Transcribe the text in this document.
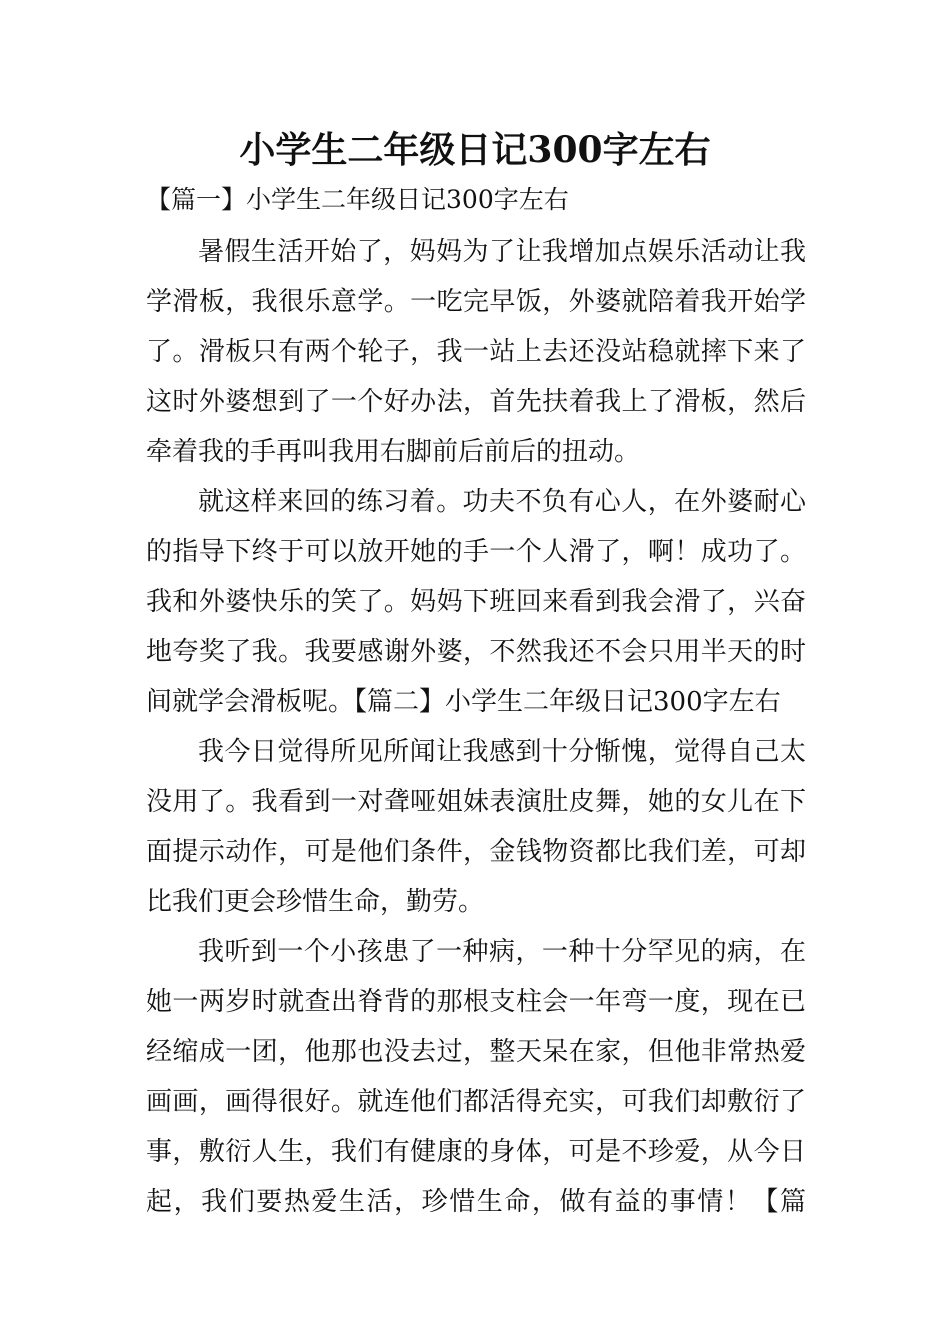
小学生二年级日记300字左右
【篇一】小学生二年级日记300字左右
暑假生活开始了，妈妈为了让我增加点娱乐活动让我
学滑板，我很乐意学。一吃完早饭，外婆就陪着我开始学
了。滑板只有两个轮子，我一站上去还没站稳就摔下来了
这时外婆想到了一个好办法，首先扶着我上了滑板，然后
牵着我的手再叫我用右脚前后前后的扭动。
就这样来回的练习着。功夫不负有心人，在外婆耐心
的指导下终于可以放开她的手一个人滑了，啊！成功了。
我和外婆快乐的笑了。妈妈下班回来看到我会滑了，兴奋
地夸奖了我。我要感谢外婆，不然我还不会只用半天的时
间就学会滑板呢。【篇二】小学生二年级日记300字左右
我今日觉得所见所闻让我感到十分惭愧，觉得自己太
没用了。我看到一对聋哑姐妹表演肚皮舞，她的女儿在下
面提示动作，可是他们条件，金钱物资都比我们差，可却
比我们更会珍惜生命，勤劳。
我听到一个小孩患了一种病，一种十分罕见的病，在
她一两岁时就查出脊背的那根支柱会一年弯一度，现在已
经缩成一团，他那也没去过，整天呆在家，但他非常热爱
画画，画得很好。就连他们都活得充实，可我们却敷衍了
事，敷衍人生，我们有健康的身体，可是不珍爱，从今日
起，我们要热爱生活，珍惜生命，做有益的事情！【篇
